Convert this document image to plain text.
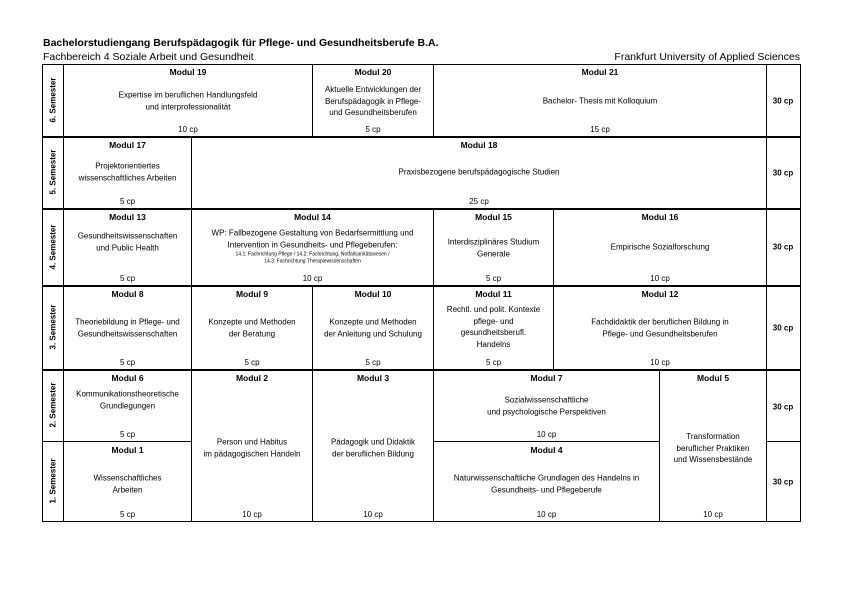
Bachelorstudiengang Berufspädagogik für Pflege- und Gesundheitsberufe B.A.
Fachbereich 4 Soziale Arbeit und Gesundheit	Frankfurt University of Applied Sciences
6. Semester
5. Semester
4. Semester
3. Semester
2. Semester
1. Semester
30 cp
30 cp
30 cp
30 cp
30 cp
30 cp
Modul 19
Expertise im beruflichen Handlungsfeld
und interprofessionalität
10 cp
Modul 20
Aktuelle Entwicklungen der
Berufspädagogik in Pflege-
und Gesundheitsberufen
5 cp
Modul 21
Bachelor- Thesis mit Kolloquium
15 cp
Modul 17
Projektorientiertes
wissenschaftliches Arbeiten
5 cp
Modul 18
Praxisbezogene berufspädagogische Studien
25 cp
Modul 13
Gesundheitswissenschaften
und Public Health
5 cp
Modul 14
WP: Fallbezogene Gestaltung von Bedarfsermittlung und
Intervention in Gesundheits- und Pflegeberufen:
14.1: Fachrichtung Pflege / 14.2: Fachrichtung, Notfallsanitätswesen /
14.3: Fachrichtung Therapiewissenschaften
10 cp
Modul 15
Interdisziplinäres Studium
Generale
5 cp
Modul 16
Empirische Sozialforschung
10 cp
Modul 8
Theoriebildung in Pflege- und
Gesundheitswissenschaften
5 cp
Modul 9
Konzepte und Methoden
der Beratung
5 cp
Modul 10
Konzepte und Methoden
der Anleitung und Schulung
5 cp
Modul 11
Rechtl. und polit. Kontexte
pflege- und
gesundheitsberufl.
Handelns
5 cp
Modul 12
Fachdidaktik der beruflichen Bildung in
Pflege- und Gesundheitsberufen
10 cp
Modul 6
Kommunikationstheoretische
Grundlegungen
5 cp
Modul 2
Person und Habitus
im pädagogischen Handeln
10 cp
Modul 3
Pädagogik und Didaktik
der beruflichen Bildung
10 cp
Modul 7
Sozialwissenschaftliche
und psychologische Perspektiven
10 cp
Modul 5
Transformation
beruflicher Praktiken
und Wissensbestände
10 cp
Modul 1
Wissenschaftliches
Arbeiten
5 cp
Modul 4
Naturwissenschaftliche Grundlagen des Handelns in
Gesundheits- und Pflegeberufe
10 cp
